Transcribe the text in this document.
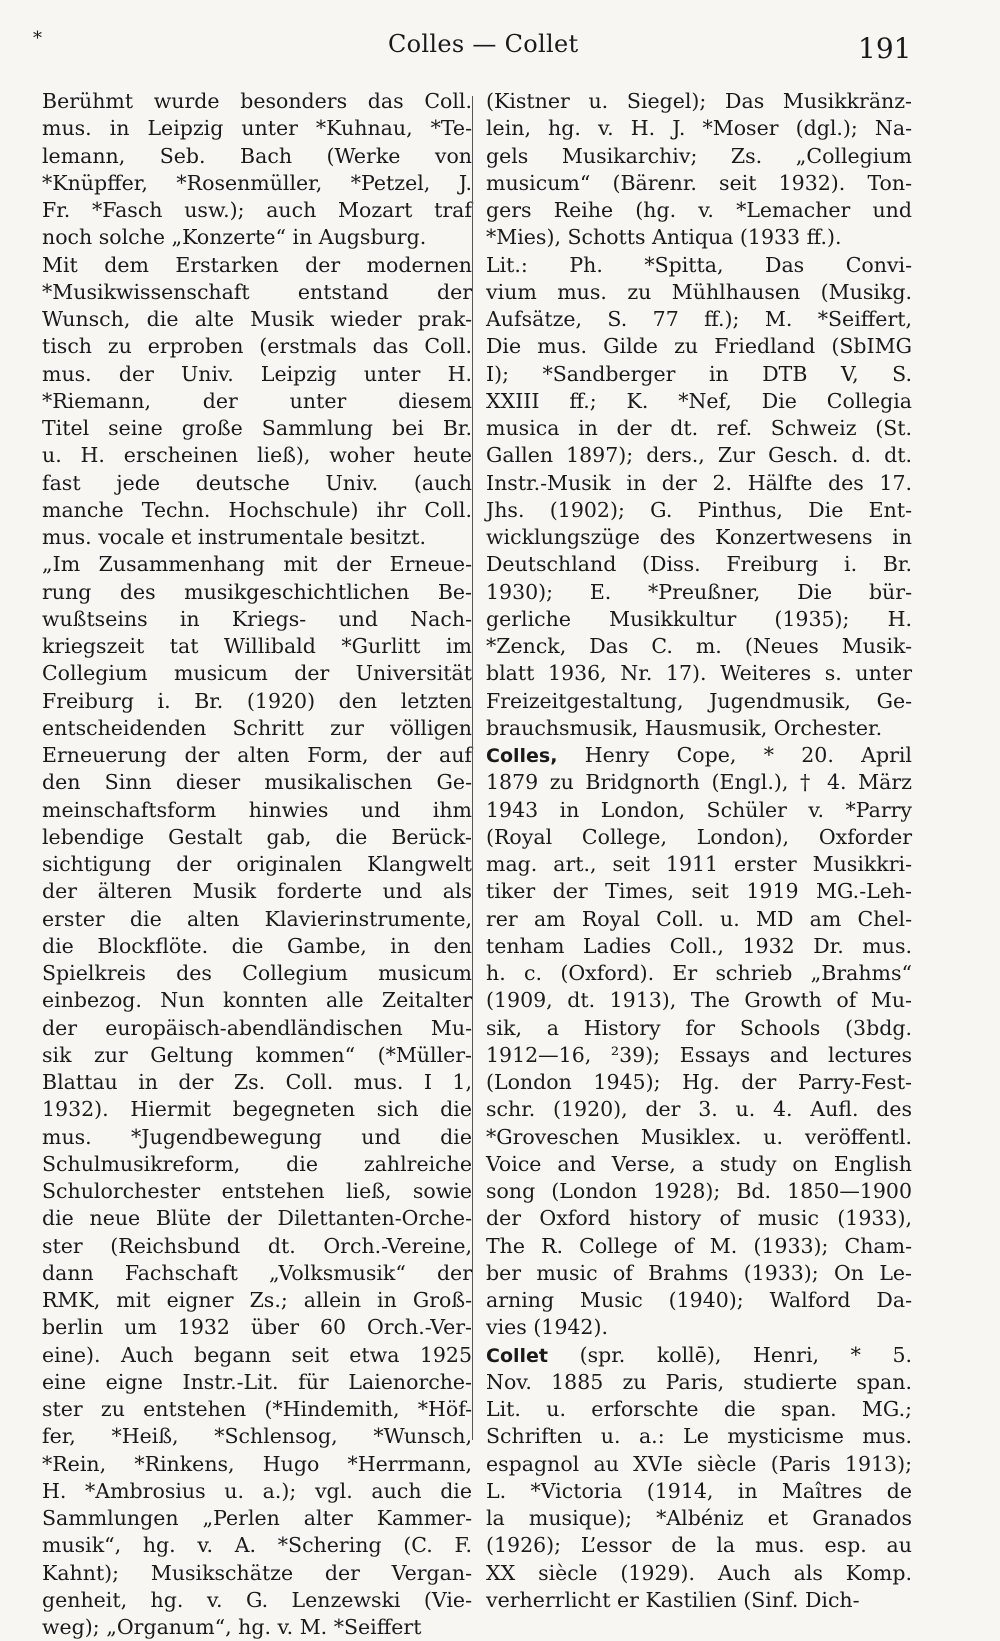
*	Colles — Collet	191
Berühmt wurde besonders das Coll.
mus. in Leipzig unter *Kuhnau, *Te-
lemann, Seb. Bach (Werke von
*Knüpffer, *Rosenmüller, *Petzel, J.
Fr. *Fasch usw.); auch Mozart traf
noch solche „Konzerte“ in Augsburg.
Mit dem Erstarken der modernen
*Musikwissenschaft entstand der
Wunsch, die alte Musik wieder prak-
tisch zu erproben (erstmals das Coll.
mus. der Univ. Leipzig unter H.
*Riemann, der unter diesem
Titel seine große Sammlung bei Br.
u. H. erscheinen ließ), woher heute
fast jede deutsche Univ. (auch
manche Techn. Hochschule) ihr Coll.
mus. vocale et instrumentale besitzt.
„Im Zusammenhang mit der Erneue-
rung des musikgeschichtlichen Be-
wußtseins in Kriegs- und Nach-
kriegszeit tat Willibald *Gurlitt im
Collegium musicum der Universität
Freiburg i. Br. (1920) den letzten
entscheidenden Schritt zur völligen
Erneuerung der alten Form, der auf
den Sinn dieser musikalischen Ge-
meinschaftsform hinwies und ihm
lebendige Gestalt gab, die Berück-
sichtigung der originalen Klangwelt
der älteren Musik forderte und als
erster die alten Klavierinstrumente,
die Blockflöte. die Gambe, in den
Spielkreis des Collegium musicum
einbezog. Nun konnten alle Zeitalter
der europäisch-abendländischen Mu-
sik zur Geltung kommen“ (*Müller-
Blattau in der Zs. Coll. mus. I 1,
1932). Hiermit begegneten sich die
mus. *Jugendbewegung und die
Schulmusikreform, die zahlreiche
Schulorchester entstehen ließ, sowie
die neue Blüte der Dilettanten-Orche-
ster (Reichsbund dt. Orch.-Vereine,
dann Fachschaft „Volksmusik“ der
RMK, mit eigner Zs.; allein in Groß-
berlin um 1932 über 60 Orch.-Ver-
eine). Auch begann seit etwa 1925
eine eigne Instr.-Lit. für Laienorche-
ster zu entstehen (*Hindemith, *Höf-
fer, *Heiß, *Schlensog, *Wunsch,
*Rein, *Rinkens, Hugo *Herrmann,
H. *Ambrosius u. a.); vgl. auch die
Sammlungen „Perlen alter Kammer-
musik“, hg. v. A. *Schering (C. F.
Kahnt); Musikschätze der Vergan-
genheit, hg. v. G. Lenzewski (Vie-
weg); „Organum“, hg. v. M. *Seiffert
(Kistner u. Siegel); Das Musikkränz-
lein, hg. v. H. J. *Moser (dgl.); Na-
gels Musikarchiv; Zs. „Collegium
musicum“ (Bärenr. seit 1932). Ton-
gers Reihe (hg. v. *Lemacher und
*Mies), Schotts Antiqua (1933 ff.).
Lit.: Ph. *Spitta, Das Convi-
vium mus. zu Mühlhausen (Musikg.
Aufsätze, S. 77 ff.); M. *Seiffert,
Die mus. Gilde zu Friedland (SbIMG
I); *Sandberger in DTB V, S.
XXIII ff.; K. *Nef, Die Collegia
musica in der dt. ref. Schweiz (St.
Gallen 1897); ders., Zur Gesch. d. dt.
Instr.-Musik in der 2. Hälfte des 17.
Jhs. (1902); G. Pinthus, Die Ent-
wicklungszüge des Konzertwesens in
Deutschland (Diss. Freiburg i. Br.
1930); E. *Preußner, Die bür-
gerliche Musikkultur (1935); H.
*Zenck, Das C. m. (Neues Musik-
blatt 1936, Nr. 17). Weiteres s. unter
Freizeitgestaltung, Jugendmusik, Ge-
brauchsmusik, Hausmusik, Orchester.
Colles, Henry Cope, * 20. April
1879 zu Bridgnorth (Engl.), † 4. März
1943 in London, Schüler v. *Parry
(Royal College, London), Oxforder
mag. art., seit 1911 erster Musikkri-
tiker der Times, seit 1919 MG.-Leh-
rer am Royal Coll. u. MD am Chel-
tenham Ladies Coll., 1932 Dr. mus.
h. c. (Oxford). Er schrieb „Brahms“
(1909, dt. 1913), The Growth of Mu-
sik, a History for Schools (3bdg.
1912—16, ²39); Essays and lectures
(London 1945); Hg. der Parry-Fest-
schr. (1920), der 3. u. 4. Aufl. des
*Groveschen Musiklex. u. veröffentl.
Voice and Verse, a study on English
song (London 1928); Bd. 1850—1900
der Oxford history of music (1933),
The R. College of M. (1933); Cham-
ber music of Brahms (1933); On Le-
arning Music (1940); Walford Da-
vies (1942).
Collet (spr. kollē), Henri, * 5.
Nov. 1885 zu Paris, studierte span.
Lit. u. erforschte die span. MG.;
Schriften u. a.: Le mysticisme mus.
espagnol au XVIe siècle (Paris 1913);
L. *Victoria (1914, in Maîtres de
la musique); *Albéniz et Granados
(1926); L’essor de la mus. esp. au
XX siècle (1929). Auch als Komp.
verherrlicht er Kastilien (Sinf. Dich-
